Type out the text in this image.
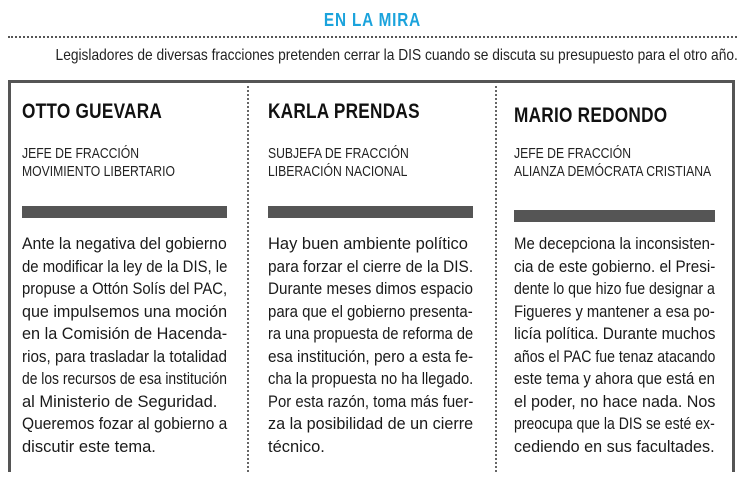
EN LA MIRA
Legisladores de diversas fracciones pretenden cerrar la DIS cuando se discuta su presupuesto para el otro año.
OTTO GUEVARA
JEFE DE FRACCIÓN
MOVIMIENTO LIBERTARIO
Ante la negativa del gobierno
de modificar la ley de la DIS, le
propuse a Ottón Solís del PAC,
que impulsemos una moción
en la Comisión de Hacenda-
rios, para trasladar la totalidad
de los recursos de esa institución
al Ministerio de Seguridad.
Queremos fozar al gobierno a
discutir este tema.
KARLA PRENDAS
SUBJEFA DE FRACCIÓN
LIBERACIÓN NACIONAL
Hay buen ambiente político
para forzar el cierre de la DIS.
Durante meses dimos espacio
para que el gobierno presenta-
ra una propuesta de reforma de
esa institución, pero a esta fe-
cha la propuesta no ha llegado.
Por esta razón, toma más fuer-
za la posibilidad de un cierre
técnico.
MARIO REDONDO
JEFE DE FRACCIÓN
ALIANZA DEMÓCRATA CRISTIANA
Me decepciona la inconsisten-
cia de este gobierno. el Presi-
dente lo que hizo fue designar a
Figueres y mantener a esa po-
licía política. Durante muchos
años el PAC fue tenaz atacando
este tema y ahora que está en
el poder, no hace nada. Nos
preocupa que la DIS se esté ex-
cediendo en sus facultades.
